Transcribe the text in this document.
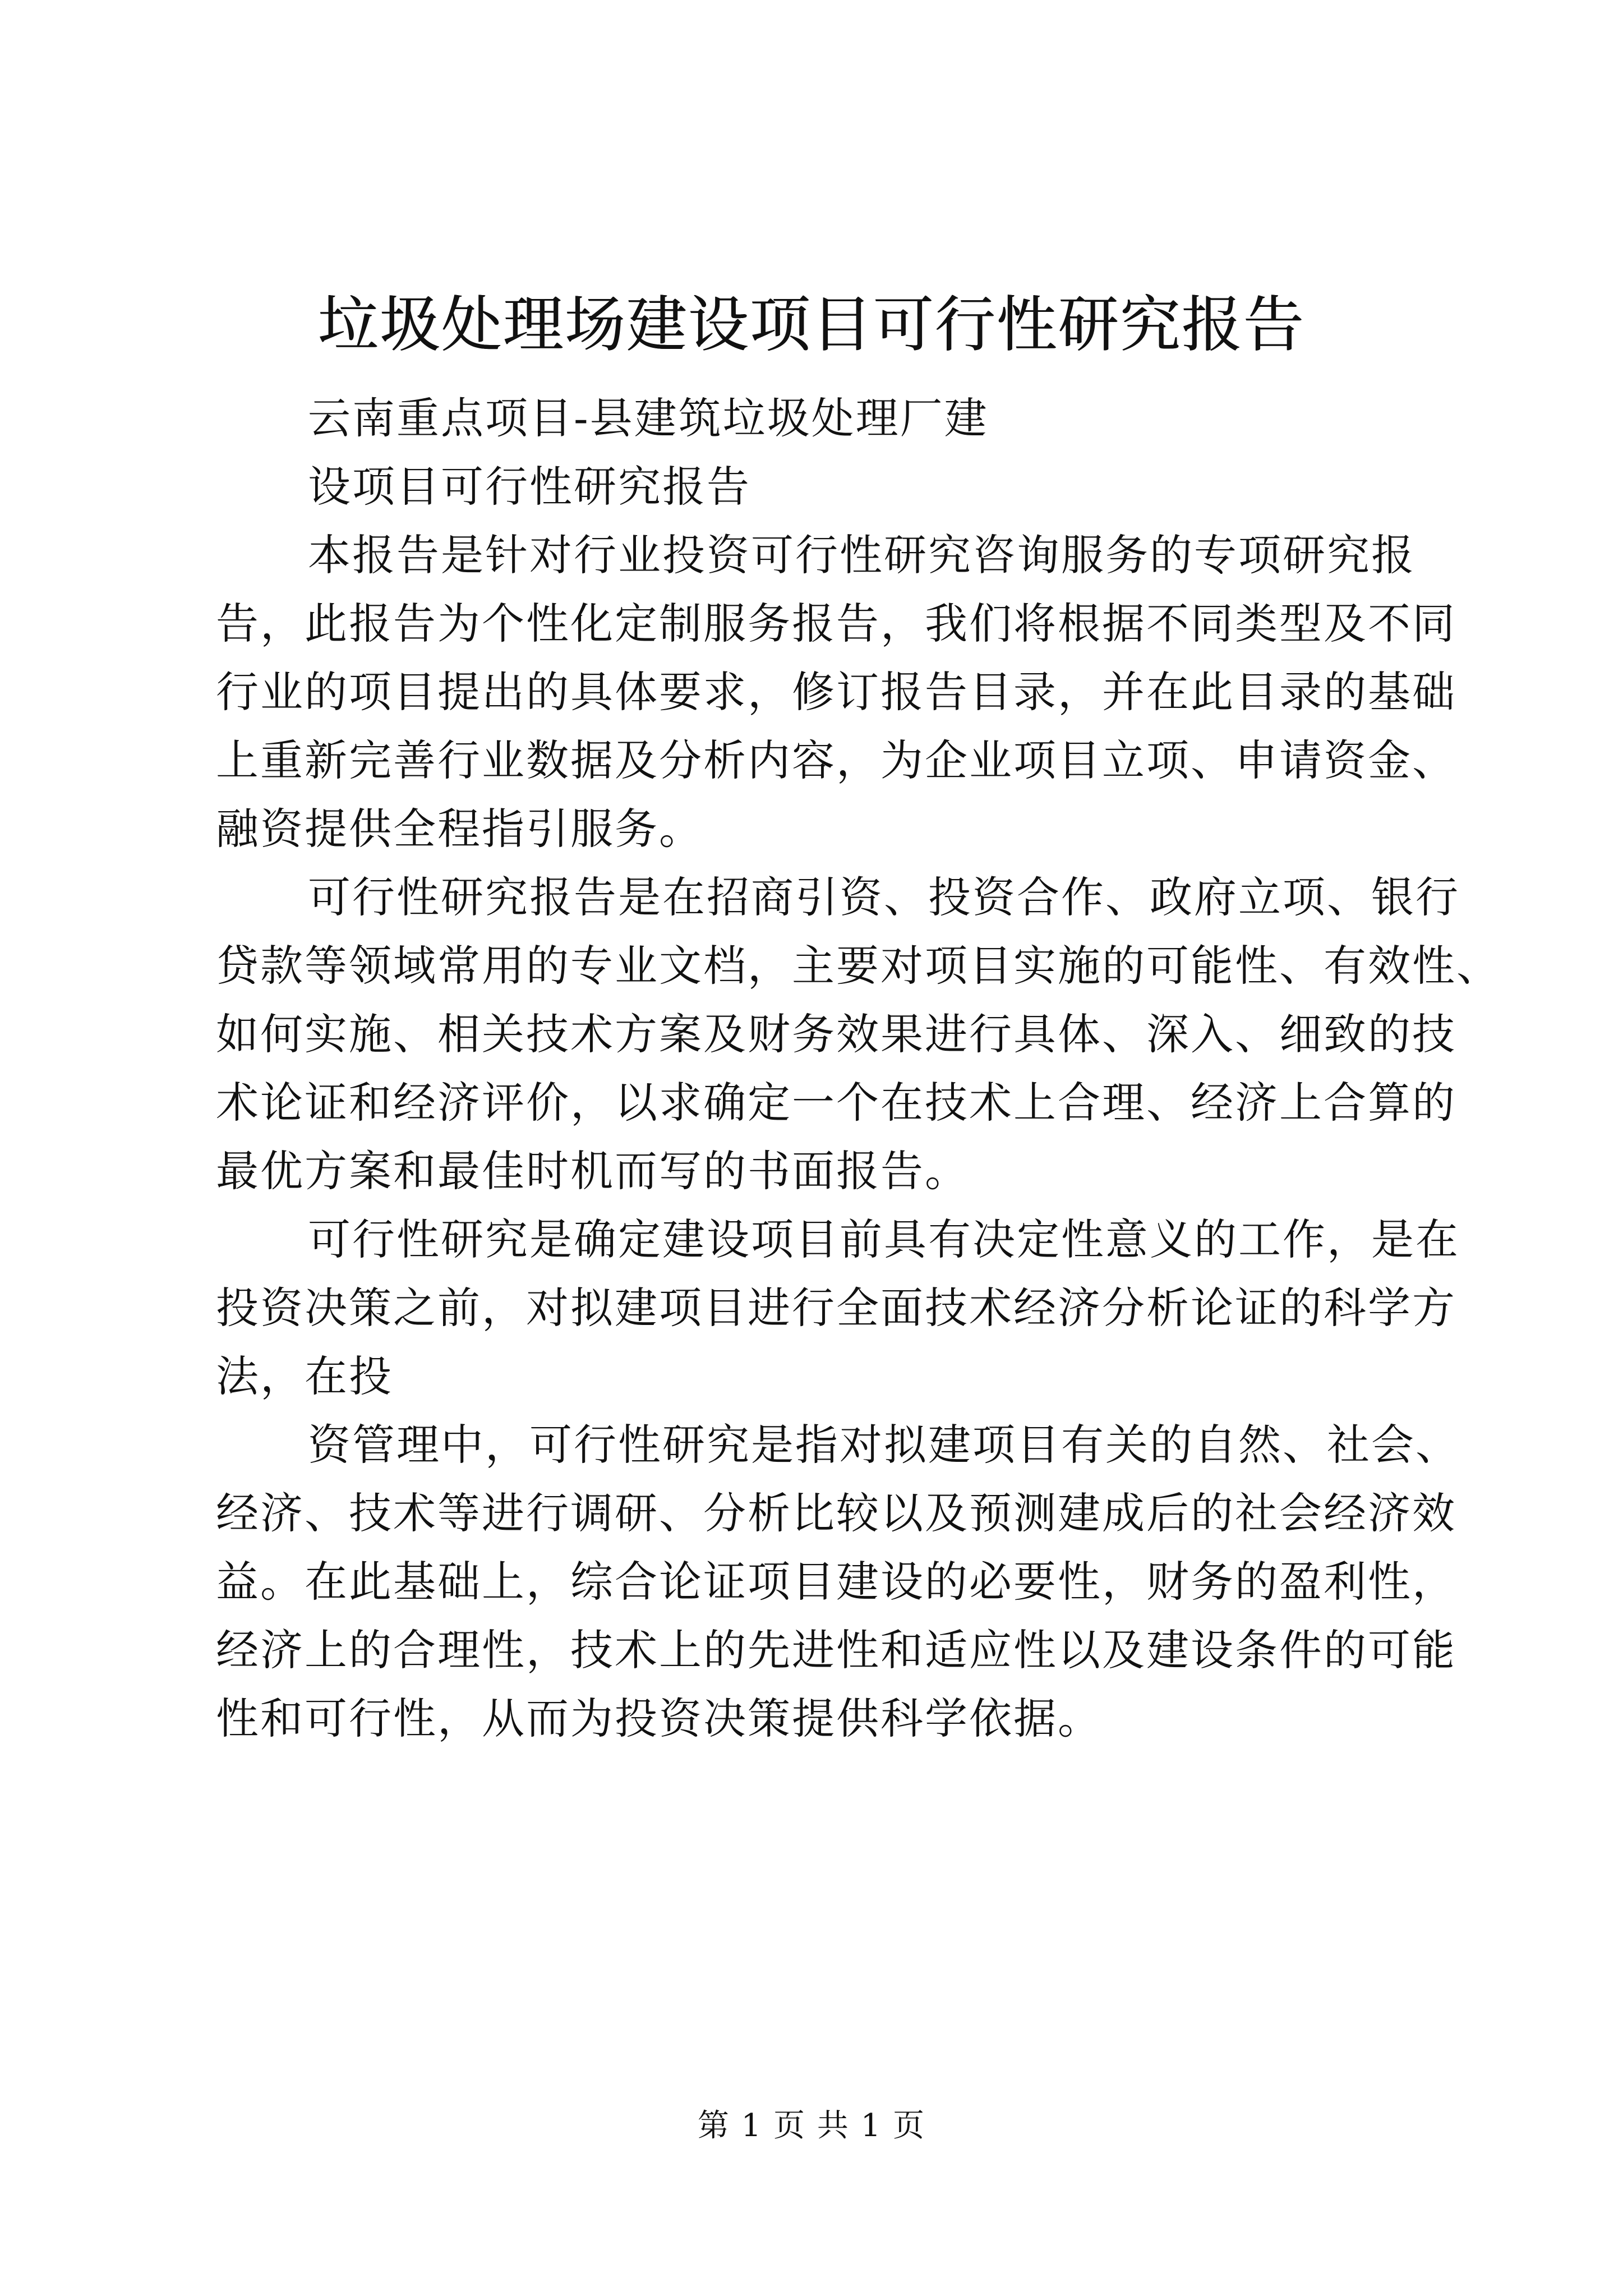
垃圾处理场建设项目可行性研究报告
云南重点项目-县建筑垃圾处理厂建
设项目可行性研究报告
本报告是针对行业投资可行性研究咨询服务的专项研究报
告，此报告为个性化定制服务报告，我们将根据不同类型及不同
行业的项目提出的具体要求，修订报告目录，并在此目录的基础
上重新完善行业数据及分析内容，为企业项目立项、申请资金、
融资提供全程指引服务。
可行性研究报告是在招商引资、投资合作、政府立项、银行
贷款等领域常用的专业文档，主要对项目实施的可能性、有效性、
如何实施、相关技术方案及财务效果进行具体、深入、细致的技
术论证和经济评价，以求确定一个在技术上合理、经济上合算的
最优方案和最佳时机而写的书面报告。
可行性研究是确定建设项目前具有决定性意义的工作，是在
投资决策之前，对拟建项目进行全面技术经济分析论证的科学方
法，在投
资管理中，可行性研究是指对拟建项目有关的自然、社会、
经济、技术等进行调研、分析比较以及预测建成后的社会经济效
益。在此基础上，综合论证项目建设的必要性，财务的盈利性，
经济上的合理性，技术上的先进性和适应性以及建设条件的可能
性和可行性，从而为投资决策提供科学依据。
第 1 页 共 1 页
